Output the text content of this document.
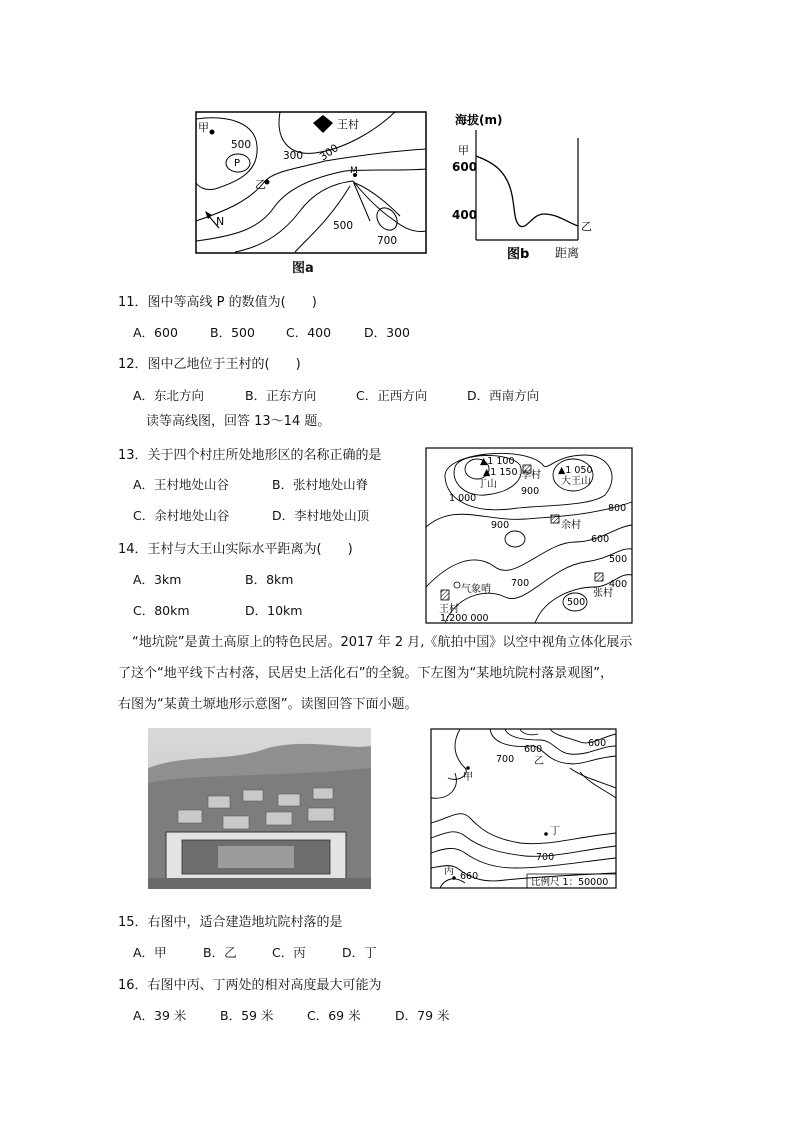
甲
乙
P
王村
M
N
500
300 300
500
700
图a
海拔(m)
甲
600
400
乙
图b 距离
11．图中等高线 P 的数值为(　　)
A．600	B．500 C．400	D．300
12．图中乙地位于王村的(　　)
A．东北方向	B．正东方向	C．正西方向	D．西南方向
读等高线图，回答 13～14 题。
13．关于四个村庄所处地形区的名称正确的是
A．王村地处山谷	B．张村地处山脊
C．余村地处山谷	D．李村地处山顶
14．王村与大王山实际水平距离为(　　)
A．3km	B．8km
C．80km	D．10km
▲1 100
▲1 150	▲1 050
丁山
李村
大王山
余村
气象哨
王村
张村
1 000
900
900
800
600
500
700	400
500
1:200 000
“地坑院”是黄土高原上的特色民居。2017 年 2 月,《航拍中国》以空中视角立体化展示
了这个“地平线下古村落，民居史上活化石”的全貌。下左图为“某地坑院村落景观图”，
右图为“某黄土塬地形示意图”。读图回答下面小题。
甲
乙
丙
丁
600
600
700
700
660
比例尺 1：50000
15．右图中，适合建造地坑院村落的是
A．甲	B．乙	C．丙	D．丁
16．右图中丙、丁两处的相对高度最大可能为
A．39 米	B．59 米	C．69 米	D．79 米
